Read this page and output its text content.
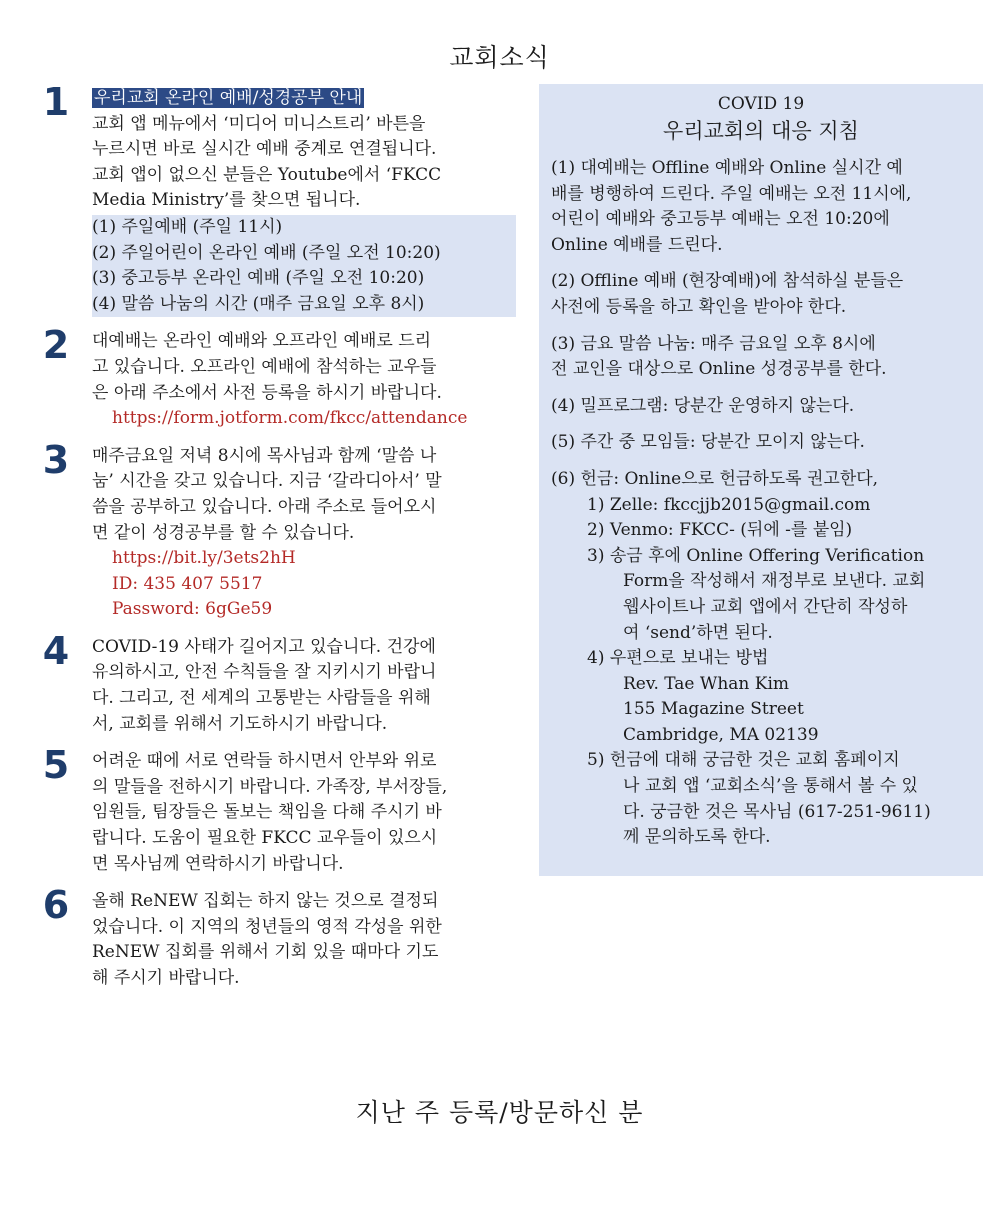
교회소식
1	우리교회 온라인 예배/성경공부 안내
교회 앱 메뉴에서 ‘미디어 미니스트리’ 바튼을
누르시면 바로 실시간 예배 중계로 연결됩니다.
교회 앱이 없으신 분들은 Youtube에서 ‘FKCC
Media Ministry’를 찾으면 됩니다.
(1) 주일예배 (주일 11시)
(2) 주일어린이 온라인 예배 (주일 오전 10:20)
(3) 중고등부 온라인 예배 (주일 오전 10:20)
(4) 말씀 나눔의 시간 (매주 금요일 오후 8시)
2	대예배는 온라인 예배와 오프라인 예배로 드리
고 있습니다. 오프라인 예배에 참석하는 교우들
은 아래 주소에서 사전 등록을 하시기 바랍니다.
https://form.jotform.com/fkcc/attendance
3	매주금요일 저녁 8시에 목사님과 함께 ‘말씀 나
눔’ 시간을 갖고 있습니다. 지금 ‘갈라디아서’ 말
씀을 공부하고 있습니다. 아래 주소로 들어오시
면 같이 성경공부를 할 수 있습니다.
https://bit.ly/3ets2hH
ID: 435 407 5517
Password: 6gGe59
4	COVID-19 사태가 길어지고 있습니다. 건강에
유의하시고, 안전 수칙들을 잘 지키시기 바랍니
다. 그리고, 전 세계의 고통받는 사람들을 위해
서, 교회를 위해서 기도하시기 바랍니다.
5	어려운 때에 서로 연락들 하시면서 안부와 위로
의 말들을 전하시기 바랍니다. 가족장, 부서장들,
임원들, 팀장들은 돌보는 책임을 다해 주시기 바
랍니다. 도움이 필요한 FKCC 교우들이 있으시
면 목사님께 연락하시기 바랍니다.
6	올해 ReNEW 집회는 하지 않는 것으로 결정되
었습니다. 이 지역의 청년들의 영적 각성을 위한
ReNEW 집회를 위해서 기회 있을 때마다 기도
해 주시기 바랍니다.
COVID 19
우리교회의 대응 지침
(1) 대예배는 Offline 예배와 Online 실시간 예
배를 병행하여 드린다. 주일 예배는 오전 11시에,
어린이 예배와 중고등부 예배는 오전 10:20에
Online 예배를 드린다.
(2) Offline 예배 (현장예배)에 참석하실 분들은
사전에 등록을 하고 확인을 받아야 한다.
(3) 금요 말씀 나눔: 매주 금요일 오후 8시에
전 교인을 대상으로 Online 성경공부를 한다.
(4) 밀프로그램: 당분간 운영하지 않는다.
(5) 주간 중 모임들: 당분간 모이지 않는다.
(6) 헌금: Online으로 헌금하도록 권고한다,
1) Zelle: fkccjjb2015@gmail.com
2) Venmo: FKCC- (뒤에 -를 붙임)
3) 송금 후에 Online Offering Verification
Form을 작성해서 재정부로 보낸다. 교회
웹사이트나 교회 앱에서 간단히 작성하
여 ‘send’하면 된다.
4) 우편으로 보내는 방법
Rev. Tae Whan Kim
155 Magazine Street
Cambridge, MA 02139
5) 헌금에 대해 궁금한 것은 교회 홈페이지
나 교회 앱 ‘교회소식’을 통해서 볼 수 있
다. 궁금한 것은 목사님 (617-251-9611)
께 문의하도록 한다.
지난 주 등록/방문하신 분
